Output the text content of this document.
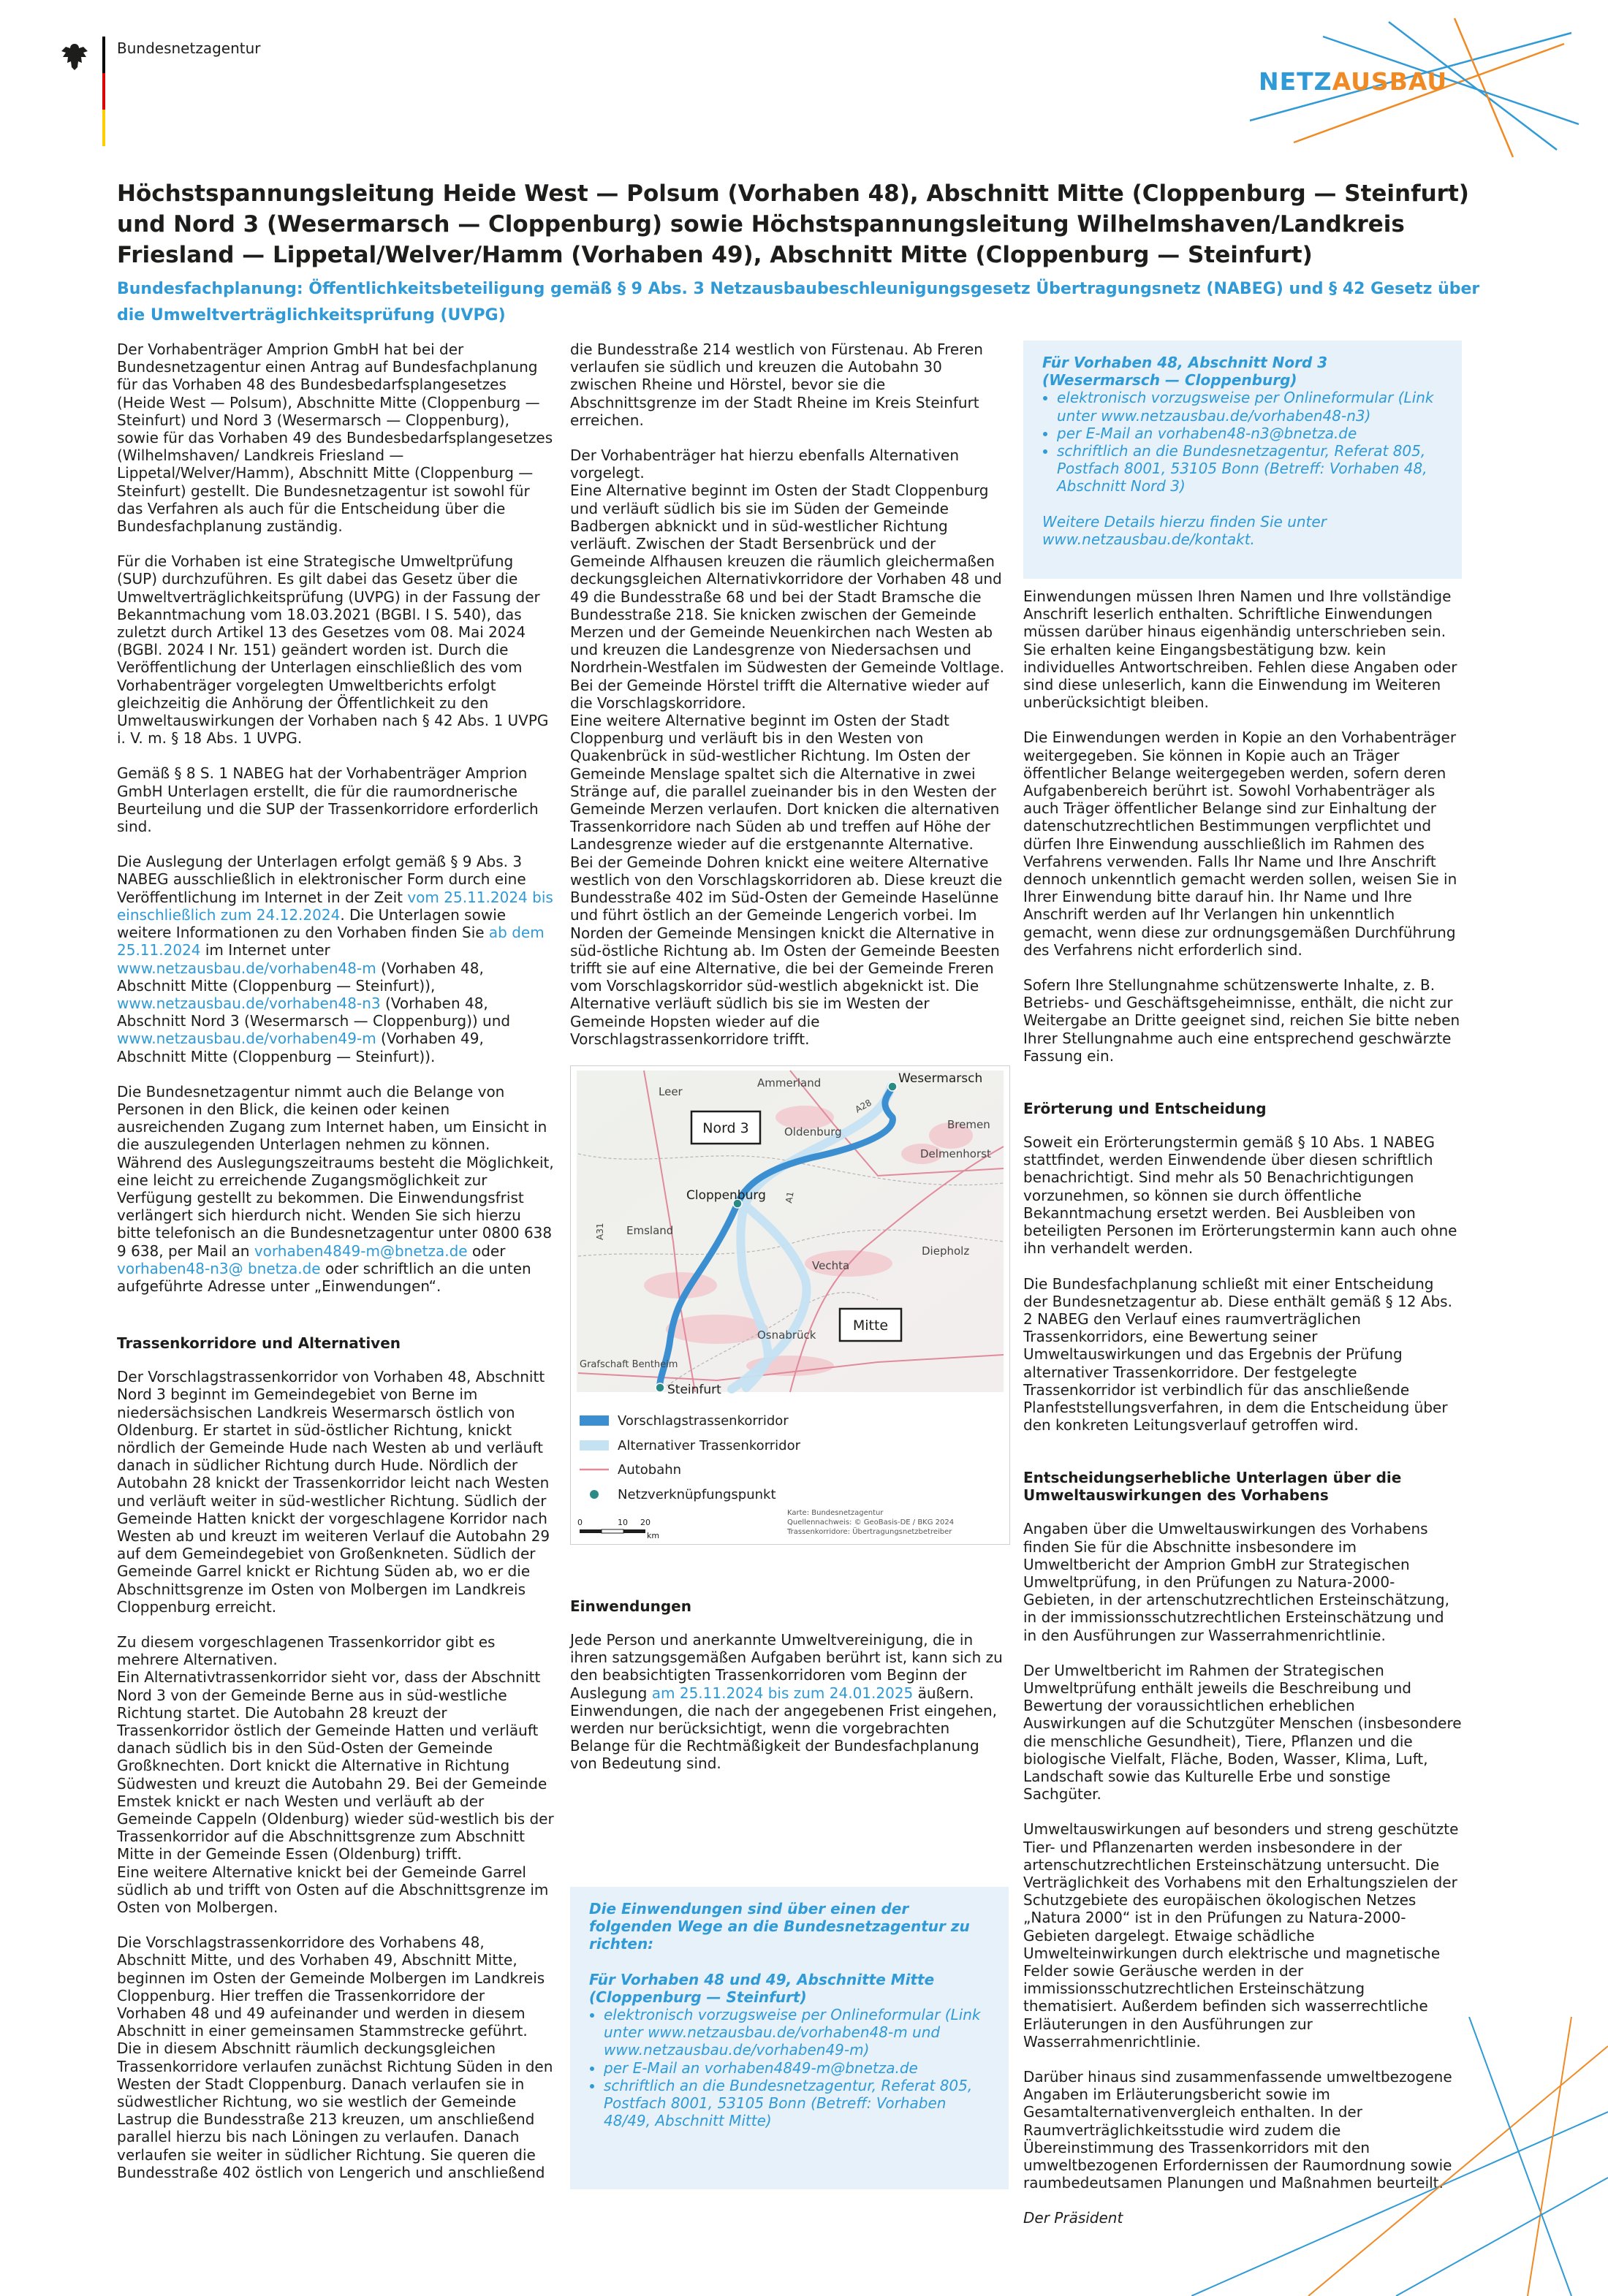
Bundesnetzagentur
NETZAUSBAU
Höchstspannungsleitung Heide West — Polsum (Vorhaben 48), Abschnitt Mitte (Cloppenburg — Steinfurt) und Nord 3 (Wesermarsch — Cloppenburg) sowie Höchstspannungsleitung Wilhelmshaven/Landkreis Friesland — Lippetal/Welver/Hamm (Vorhaben 49), Abschnitt Mitte (Cloppenburg — Steinfurt)
Bundesfachplanung: Öffentlichkeitsbeteiligung gemäß § 9 Abs. 3 Netzausbaubeschleunigungsgesetz Übertragungsnetz (NABEG) und § 42 Gesetz über die Umweltverträglichkeitsprüfung (UVPG)

Der Vorhabenträger Amprion GmbH hat bei der Bundesnetzagentur einen Antrag auf Bundesfachplanung für das Vorhaben 48 des Bundesbedarfsplangesetzes (Heide West — Polsum), Abschnitte Mitte (Cloppenburg — Steinfurt) und Nord 3 (Wesermarsch — Cloppenburg), sowie für das Vorhaben 49 des Bundesbedarfsplangesetzes (Wilhelmshaven/ Landkreis Friesland — Lippetal/Welver/Hamm), Abschnitt Mitte (Cloppenburg — Steinfurt) gestellt. Die Bundesnetzagentur ist sowohl für das Verfahren als auch für die Entscheidung über die Bundesfachplanung zuständig.

Für die Vorhaben ist eine Strategische Umweltprüfung (SUP) durchzuführen. Es gilt dabei das Gesetz über die Umweltverträglichkeitsprüfung (UVPG) in der Fassung der Bekanntmachung vom 18.03.2021 (BGBl. I S. 540), das zuletzt durch Artikel 13 des Gesetzes vom 08. Mai 2024 (BGBl. 2024 I Nr. 151) geändert worden ist. Durch die Veröffentlichung der Unterlagen einschließlich des vom Vorhabenträger vorgelegten Umweltberichts erfolgt gleichzeitig die Anhörung der Öffentlichkeit zu den Umweltauswirkungen der Vorhaben nach § 42 Abs. 1 UVPG i. V. m. § 18 Abs. 1 UVPG.

Gemäß § 8 S. 1 NABEG hat der Vorhabenträger Amprion GmbH Unterlagen erstellt, die für die raumordnerische Beurteilung und die SUP der Trassenkorridore erforderlich sind.

Die Auslegung der Unterlagen erfolgt gemäß § 9 Abs. 3 NABEG ausschließlich in elektronischer Form durch eine Veröffentlichung im Internet in der Zeit vom 25.11.2024 bis einschließlich zum 24.12.2024. Die Unterlagen sowie weitere Informationen zu den Vorhaben finden Sie ab dem 25.11.2024 im Internet unter www.netzausbau.de/vorhaben48-m (Vorhaben 48, Abschnitt Mitte (Cloppenburg — Steinfurt)), www.netzausbau.de/vorhaben48-n3 (Vorhaben 48, Abschnitt Nord 3 (Wesermarsch — Cloppenburg)) und www.netzausbau.de/vorhaben49-m (Vorhaben 49, Abschnitt Mitte (Cloppenburg — Steinfurt)).

Die Bundesnetzagentur nimmt auch die Belange von Personen in den Blick, die keinen oder keinen ausreichenden Zugang zum Internet haben, um Einsicht in die auszulegenden Unterlagen nehmen zu können. Während des Auslegungszeitraums besteht die Möglichkeit, eine leicht zu erreichende Zugangsmöglichkeit zur Verfügung gestellt zu bekommen. Die Einwendungsfrist verlängert sich hierdurch nicht. Wenden Sie sich hierzu bitte telefonisch an die Bundesnetzagentur unter 0800 638 9 638, per Mail an vorhaben4849-m@bnetza.de oder vorhaben48-n3@ bnetza.de oder schriftlich an die unten aufgeführte Adresse unter „Einwendungen“.

Trassenkorridore und Alternativen

Der Vorschlagstrassenkorridor von Vorhaben 48, Abschnitt Nord 3 beginnt im Gemeindegebiet von Berne im niedersächsischen Landkreis Wesermarsch östlich von Oldenburg. Er startet in süd-östlicher Richtung, knickt nördlich der Gemeinde Hude nach Westen ab und verläuft danach in südlicher Richtung durch Hude. Nördlich der Autobahn 28 knickt der Trassenkorridor leicht nach Westen und verläuft weiter in süd-westlicher Richtung. Südlich der Gemeinde Hatten knickt der vorgeschlagene Korridor nach Westen ab und kreuzt im weiteren Verlauf die Autobahn 29 auf dem Gemeindegebiet von Großenkneten. Südlich der Gemeinde Garrel knickt er Richtung Süden ab, wo er die Abschnittsgrenze im Osten von Molbergen im Landkreis Cloppenburg erreicht.

Zu diesem vorgeschlagenen Trassenkorridor gibt es mehrere Alternativen.

Ein Alternativtrassenkorridor sieht vor, dass der Abschnitt Nord 3 von der Gemeinde Berne aus in süd-westliche Richtung startet. Die Autobahn 28 kreuzt der Trassenkorridor östlich der Gemeinde Hatten und verläuft danach südlich bis in den Süd-Osten der Gemeinde Großknechten. Dort knickt die Alternative in Richtung Südwesten und kreuzt die Autobahn 29. Bei der Gemeinde Emstek knickt er nach Westen und verläuft ab der Gemeinde Cappeln (Oldenburg) wieder süd-westlich bis der Trassenkorridor auf die Abschnittsgrenze zum Abschnitt Mitte in der Gemeinde Essen (Oldenburg) trifft.

Eine weitere Alternative knickt bei der Gemeinde Garrel südlich ab und trifft von Osten auf die Abschnittsgrenze im Osten von Molbergen.

Die Vorschlagstrassenkorridore des Vorhabens 48, Abschnitt Mitte, und des Vorhaben 49, Abschnitt Mitte, beginnen im Osten der Gemeinde Molbergen im Landkreis Cloppenburg. Hier treffen die Trassenkorridore der Vorhaben 48 und 49 aufeinander und werden in diesem Abschnitt in einer gemeinsamen Stammstrecke geführt. Die in diesem Abschnitt räumlich deckungsgleichen Trassenkorridore verlaufen zunächst Richtung Süden in den Westen der Stadt Cloppenburg. Danach verlaufen sie in südwestlicher Richtung, wo sie westlich der Gemeinde Lastrup die Bundesstraße 213 kreuzen, um anschließend parallel hierzu bis nach Löningen zu verlaufen. Danach verlaufen sie weiter in südlicher Richtung. Sie queren die Bundesstraße 402 östlich von Lengerich und anschließend

die Bundesstraße 214 westlich von Fürstenau. Ab Freren verlaufen sie südlich und kreuzen die Autobahn 30 zwischen Rheine und Hörstel, bevor sie die Abschnittsgrenze im der Stadt Rheine im Kreis Steinfurt erreichen.

Der Vorhabenträger hat hierzu ebenfalls Alternativen vorgelegt.

Eine Alternative beginnt im Osten der Stadt Cloppenburg und verläuft südlich bis sie im Süden der Gemeinde Badbergen abknickt und in süd-westlicher Richtung verläuft. Zwischen der Stadt Bersenbrück und der Gemeinde Alfhausen kreuzen die räumlich gleichermaßen deckungsgleichen Alternativkorridore der Vorhaben 48 und 49 die Bundesstraße 68 und bei der Stadt Bramsche die Bundesstraße 218. Sie knicken zwischen der Gemeinde Merzen und der Gemeinde Neuenkirchen nach Westen ab und kreuzen die Landesgrenze von Niedersachsen und Nordrhein-Westfalen im Südwesten der Gemeinde Voltlage. Bei der Gemeinde Hörstel trifft die Alternative wieder auf die Vorschlagskorridore.

Eine weitere Alternative beginnt im Osten der Stadt Cloppenburg und verläuft bis in den Westen von Quakenbrück in süd-westlicher Richtung. Im Osten der Gemeinde Menslage spaltet sich die Alternative in zwei Stränge auf, die parallel zueinander bis in den Westen der Gemeinde Merzen verlaufen. Dort knicken die alternativen Trassenkorridore nach Süden ab und treffen auf Höhe der Landesgrenze wieder auf die erstgenannte Alternative.

Bei der Gemeinde Dohren knickt eine weitere Alternative westlich von den Vorschlagskorridoren ab. Diese kreuzt die Bundesstraße 402 im Süd-Osten der Gemeinde Haselünne und führt östlich an der Gemeinde Lengerich vorbei. Im Norden der Gemeinde Mensingen knickt die Alternative in süd-östliche Richtung ab. Im Osten der Gemeinde Beesten trifft sie auf eine Alternative, die bei der Gemeinde Freren vom Vorschlagskorridor süd-westlich abgeknickt ist. Die Alternative verläuft südlich bis sie im Westen der Gemeinde Hopsten wieder auf die Vorschlagstrassenkorridore trifft.

Leer
Ammerland
Oldenburg
Bremen
Delmenhorst
Emsland
Vechta
Diepholz
Osnabrück
Grafschaft Bentheim
A31
A1
A28
Wesermarsch
Cloppenburg
Steinfurt
Nord 3
Mitte
Vorschlagstrassenkorridor
Alternativer Trassenkorridor
Autobahn
Netzverknüpfungspunkt
0	10 20
km
Karte: Bundesnetzagentur
Quellennachweis: © GeoBasis-DE / BKG 2024
Trassenkorridore: Übertragungsnetzbetreiber
Einwendungen

Jede Person und anerkannte Umweltvereinigung, die in ihren satzungsgemäßen Aufgaben berührt ist, kann sich zu den beabsichtigten Trassenkorridoren vom Beginn der Auslegung am 25.11.2024 bis zum 24.01.2025 äußern. Einwendungen, die nach der angegebenen Frist eingehen, werden nur berücksichtigt, wenn die vorgebrachten Belange für die Rechtmäßigkeit der Bundesfachplanung von Bedeutung sind.

Die Einwendungen sind über einen der folgenden Wege an die Bundesnetzagentur zu richten:
Für Vorhaben 48 und 49, Abschnitte Mitte (Cloppenburg — Steinfurt)
• elektronisch vorzugsweise per Onlineformular (Link unter www.netzausbau.de/vorhaben48-m und www.netzausbau.de/vorhaben49-m)
• per E-Mail an vorhaben4849-m@bnetza.de
• schriftlich an die Bundesnetzagentur, Referat 805, Postfach 8001, 53105 Bonn (Betreff: Vorhaben 48/49, Abschnitt Mitte)
Für Vorhaben 48, Abschnitt Nord 3 (Wesermarsch — Cloppenburg)
• elektronisch vorzugsweise per Onlineformular (Link unter www.netzausbau.de/vorhaben48-n3)
• per E-Mail an vorhaben48-n3@bnetza.de
• schriftlich an die Bundesnetzagentur, Referat 805, Postfach 8001, 53105 Bonn (Betreff: Vorhaben 48, Abschnitt Nord 3)
Weitere Details hierzu finden Sie unter www.netzausbau.de/kontakt.

Einwendungen müssen Ihren Namen und Ihre vollständige Anschrift leserlich enthalten. Schriftliche Einwendungen müssen darüber hinaus eigenhändig unterschrieben sein. Sie erhalten keine Eingangsbestätigung bzw. kein individuelles Antwortschreiben. Fehlen diese Angaben oder sind diese unleserlich, kann die Einwendung im Weiteren unberücksichtigt bleiben.

Die Einwendungen werden in Kopie an den Vorhabenträger weitergegeben. Sie können in Kopie auch an Träger öffentlicher Belange weitergegeben werden, sofern deren Aufgabenbereich berührt ist. Sowohl Vorhabenträger als auch Träger öffentlicher Belange sind zur Einhaltung der datenschutzrechtlichen Bestimmungen verpflichtet und dürfen Ihre Einwendung ausschließlich im Rahmen des Verfahrens verwenden. Falls Ihr Name und Ihre Anschrift dennoch unkenntlich gemacht werden sollen, weisen Sie in Ihrer Einwendung bitte darauf hin. Ihr Name und Ihre Anschrift werden auf Ihr Verlangen hin unkenntlich gemacht, wenn diese zur ordnungsgemäßen Durchführung des Verfahrens nicht erforderlich sind.

Sofern Ihre Stellungnahme schützenswerte Inhalte, z. B. Betriebs- und Geschäftsgeheimnisse, enthält, die nicht zur Weitergabe an Dritte geeignet sind, reichen Sie bitte neben Ihrer Stellungnahme auch eine entsprechend geschwärzte Fassung ein.

Erörterung und Entscheidung

Soweit ein Erörterungstermin gemäß § 10 Abs. 1 NABEG stattfindet, werden Einwendende über diesen schriftlich benachrichtigt. Sind mehr als 50 Benachrichtigungen vorzunehmen, so können sie durch öffentliche Bekanntmachung ersetzt werden. Bei Ausbleiben von beteiligten Personen im Erörterungstermin kann auch ohne ihn verhandelt werden.

Die Bundesfachplanung schließt mit einer Entscheidung der Bundesnetzagentur ab. Diese enthält gemäß § 12 Abs. 2 NABEG den Verlauf eines raumverträglichen Trassenkorridors, eine Bewertung seiner Umweltauswirkungen und das Ergebnis der Prüfung alternativer Trassenkorridore. Der festgelegte Trassenkorridor ist verbindlich für das anschließende Planfeststellungsverfahren, in dem die Entscheidung über den konkreten Leitungsverlauf getroffen wird.

Entscheidungserhebliche Unterlagen über die Umweltauswirkungen des Vorhabens

Angaben über die Umweltauswirkungen des Vorhabens finden Sie für die Abschnitte insbesondere im Umweltbericht der Amprion GmbH zur Strategischen Umweltprüfung, in den Prüfungen zu Natura-2000-Gebieten, in der artenschutzrechtlichen Ersteinschätzung, in der immissionsschutzrechtlichen Ersteinschätzung und in den Ausführungen zur Wasserrahmenrichtlinie.

Der Umweltbericht im Rahmen der Strategischen Umweltprüfung enthält jeweils die Beschreibung und Bewertung der voraussichtlichen erheblichen Auswirkungen auf die Schutzgüter Menschen (insbesondere die menschliche Gesundheit), Tiere, Pflanzen und die biologische Vielfalt, Fläche, Boden, Wasser, Klima, Luft, Landschaft sowie das Kulturelle Erbe und sonstige Sachgüter.

Umweltauswirkungen auf besonders und streng geschützte Tier- und Pflanzenarten werden insbesondere in der artenschutzrechtlichen Ersteinschätzung untersucht. Die Verträglichkeit des Vorhabens mit den Erhaltungszielen der Schutzgebiete des europäischen ökologischen Netzes „Natura 2000“ ist in den Prüfungen zu Natura-2000-Gebieten dargelegt. Etwaige schädliche Umwelteinwirkungen durch elektrische und magnetische Felder sowie Geräusche werden in der immissionsschutzrechtlichen Ersteinschätzung thematisiert. Außerdem befinden sich wasserrechtliche Erläuterungen in den Ausführungen zur Wasserrahmenrichtlinie.

Darüber hinaus sind zusammenfassende umweltbezogene Angaben im Erläuterungsbericht sowie im Gesamtalternativenvergleich enthalten. In der Raumverträglichkeitsstudie wird zudem die Übereinstimmung des Trassenkorridors mit den umweltbezogenen Erfordernissen der Raumordnung sowie raumbedeutsamen Planungen und Maßnahmen beurteilt.

Der Präsident
